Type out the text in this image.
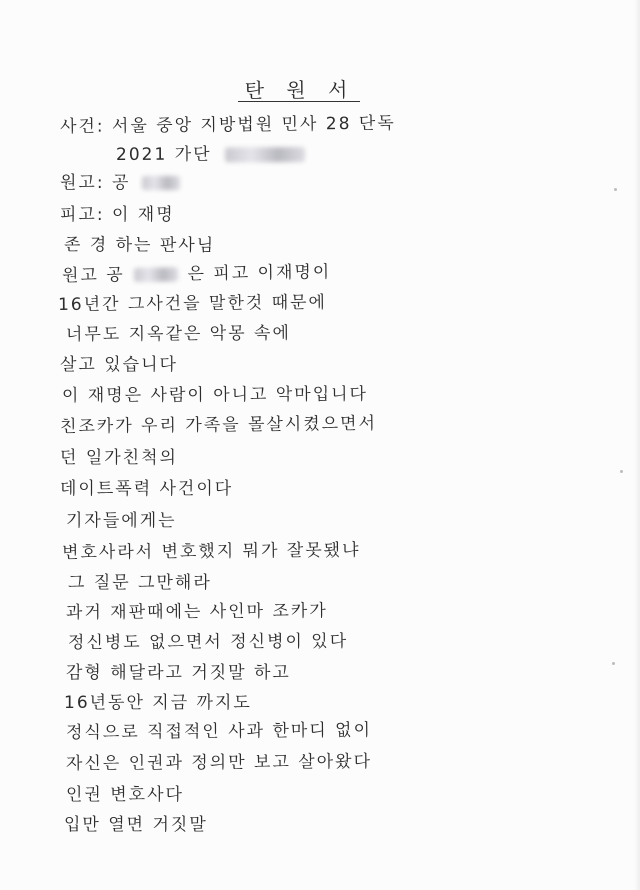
탄 원 서
사건: 서울 중앙 지방법원 민사 28 단독
2021 가단
원고: 공
피고: 이 재명
존 경 하는 판사님
원고 공	은 피고 이재명이
16년간 그사건을 말한것 때문에
너무도 지옥같은 악몽 속에
살고 있습니다
이 재명은 사람이 아니고 악마입니다
친조카가 우리 가족을 몰살시켰으면서
던 일가친척의
데이트폭력 사건이다
기자들에게는
변호사라서 변호했지 뭐가 잘못됐냐
그 질문 그만해라
과거 재판때에는 사인마 조카가
정신병도 없으면서 정신병이 있다
감형 해달라고 거짓말 하고
16년동안 지금 까지도
정식으로 직접적인 사과 한마디 없이
자신은 인권과 정의만 보고 살아왔다
인권 변호사다
입만 열면 거짓말
